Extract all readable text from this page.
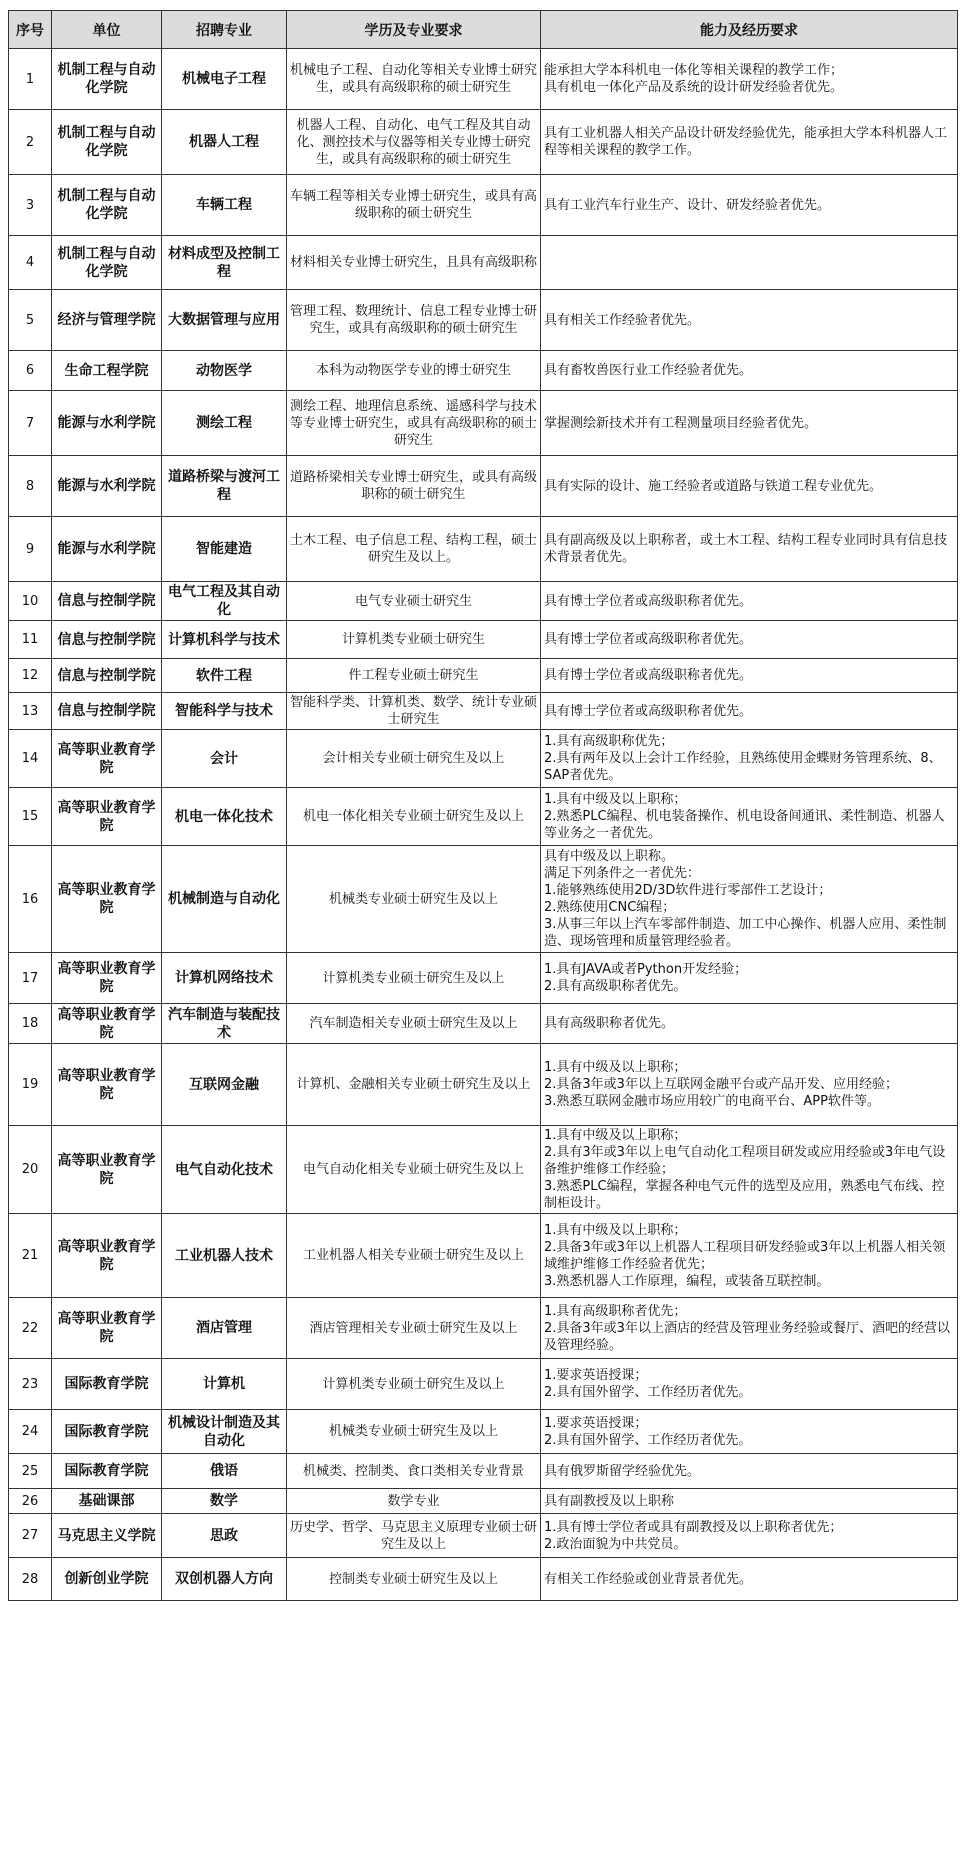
序号	单位	招聘专业	学历及专业要求	能力及经历要求
1	机制工程与自动化学院	机械电子工程	机械电子工程、自动化等相关专业博士研究生，或具有高级职称的硕士研究生	能承担大学本科机电一体化等相关课程的教学工作；
具有机电一体化产品及系统的设计研发经验者优先。

2	机制工程与自动化学院	机器人工程	机器人工程、自动化、电气工程及其自动化、测控技术与仪器等相关专业博士研究生，或具有高级职称的硕士研究生	具有工业机器人相关产品设计研发经验优先，能承担大学本科机器人工程等相关课程的教学工作。

3	机制工程与自动化学院	车辆工程	车辆工程等相关专业博士研究生，或具有高级职称的硕士研究生	具有工业汽车行业生产、设计、研发经验者优先。

4	机制工程与自动化学院	材料成型及控制工程	材料相关专业博士研究生，且具有高级职称	
5	经济与管理学院	大数据管理与应用	管理工程、数理统计、信息工程专业博士研究生，或具有高级职称的硕士研究生	具有相关工作经验者优先。

6	生命工程学院	动物医学	本科为动物医学专业的博士研究生	具有畜牧兽医行业工作经验者优先。

7	能源与水利学院	测绘工程	测绘工程、地理信息系统、遥感科学与技术等专业博士研究生，或具有高级职称的硕士研究生	掌握测绘新技术并有工程测量项目经验者优先。

8	能源与水利学院	道路桥梁与渡河工程	道路桥梁相关专业博士研究生，或具有高级职称的硕士研究生	具有实际的设计、施工经验者或道路与铁道工程专业优先。

9	能源与水利学院	智能建造	土木工程、电子信息工程、结构工程，硕士研究生及以上。	具有副高级及以上职称者，或土木工程、结构工程专业同时具有信息技术背景者优先。

10	信息与控制学院	电气工程及其自动化	电气专业硕士研究生	具有博士学位者或高级职称者优先。

11	信息与控制学院	计算机科学与技术	计算机类专业硕士研究生	具有博士学位者或高级职称者优先。

12	信息与控制学院	软件工程	件工程专业硕士研究生	具有博士学位者或高级职称者优先。

13	信息与控制学院	智能科学与技术	智能科学类、计算机类、数学、统计专业硕士研究生	具有博士学位者或高级职称者优先。

14	高等职业教育学院	会计	会计相关专业硕士研究生及以上	1.具有高级职称优先；
2.具有两年及以上会计工作经验，且熟练使用金蝶财务管理系统、8、SAP者优先。

15	高等职业教育学院	机电一体化技术	机电一体化相关专业硕士研究生及以上	1.具有中级及以上职称；
2.熟悉PLC编程、机电装备操作、机电设备间通讯、柔性制造、机器人等业务之一者优先。

16	高等职业教育学院	机械制造与自动化	机械类专业硕士研究生及以上	具有中级及以上职称。
满足下列条件之一者优先：
1.能够熟练使用2D/3D软件进行零部件工艺设计；
2.熟练使用CNC编程；
3.从事三年以上汽车零部件制造、加工中心操作、机器人应用、柔性制造、现场管理和质量管理经验者。

17	高等职业教育学院	计算机网络技术	计算机类专业硕士研究生及以上	1.具有JAVA或者Python开发经验；
2.具有高级职称者优先。

18	高等职业教育学院	汽车制造与装配技术	汽车制造相关专业硕士研究生及以上	具有高级职称者优先。

19	高等职业教育学院	互联网金融	计算机、金融相关专业硕士研究生及以上	1.具有中级及以上职称；
2.具备3年或3年以上互联网金融平台或产品开发、应用经验；
3.熟悉互联网金融市场应用较广的电商平台、APP软件等。

20	高等职业教育学院	电气自动化技术	电气自动化相关专业硕士研究生及以上	1.具有中级及以上职称；
2.具有3年或3年以上电气自动化工程项目研发或应用经验或3年电气设备维护维修工作经验；
3.熟悉PLC编程，掌握各种电气元件的选型及应用，熟悉电气布线、控制柜设计。

21	高等职业教育学院	工业机器人技术	工业机器人相关专业硕士研究生及以上	1.具有中级及以上职称；
2.具备3年或3年以上机器人工程项目研发经验或3年以上机器人相关领域维护维修工作经验者优先；
3.熟悉机器人工作原理，编程，或装备互联控制。

22	高等职业教育学院	酒店管理	酒店管理相关专业硕士研究生及以上	1.具有高级职称者优先；
2.具备3年或3年以上酒店的经营及管理业务经验或餐厅、酒吧的经营以及管理经验。

23	国际教育学院	计算机	计算机类专业硕士研究生及以上	1.要求英语授课；
2.具有国外留学、工作经历者优先。

24	国际教育学院	机械设计制造及其自动化	机械类专业硕士研究生及以上	1.要求英语授课；
2.具有国外留学、工作经历者优先。

25	国际教育学院	俄语	机械类、控制类、食口类相关专业背景	具有俄罗斯留学经验优先。

26	基础课部	数学	数学专业	具有副教授及以上职称

27	马克思主义学院	思政	历史学、哲学、马克思主义原理专业硕士研究生及以上	1.具有博士学位者或具有副教授及以上职称者优先；
2.政治面貌为中共党员。

28	创新创业学院	双创机器人方向	控制类专业硕士研究生及以上	有相关工作经验或创业背景者优先。
